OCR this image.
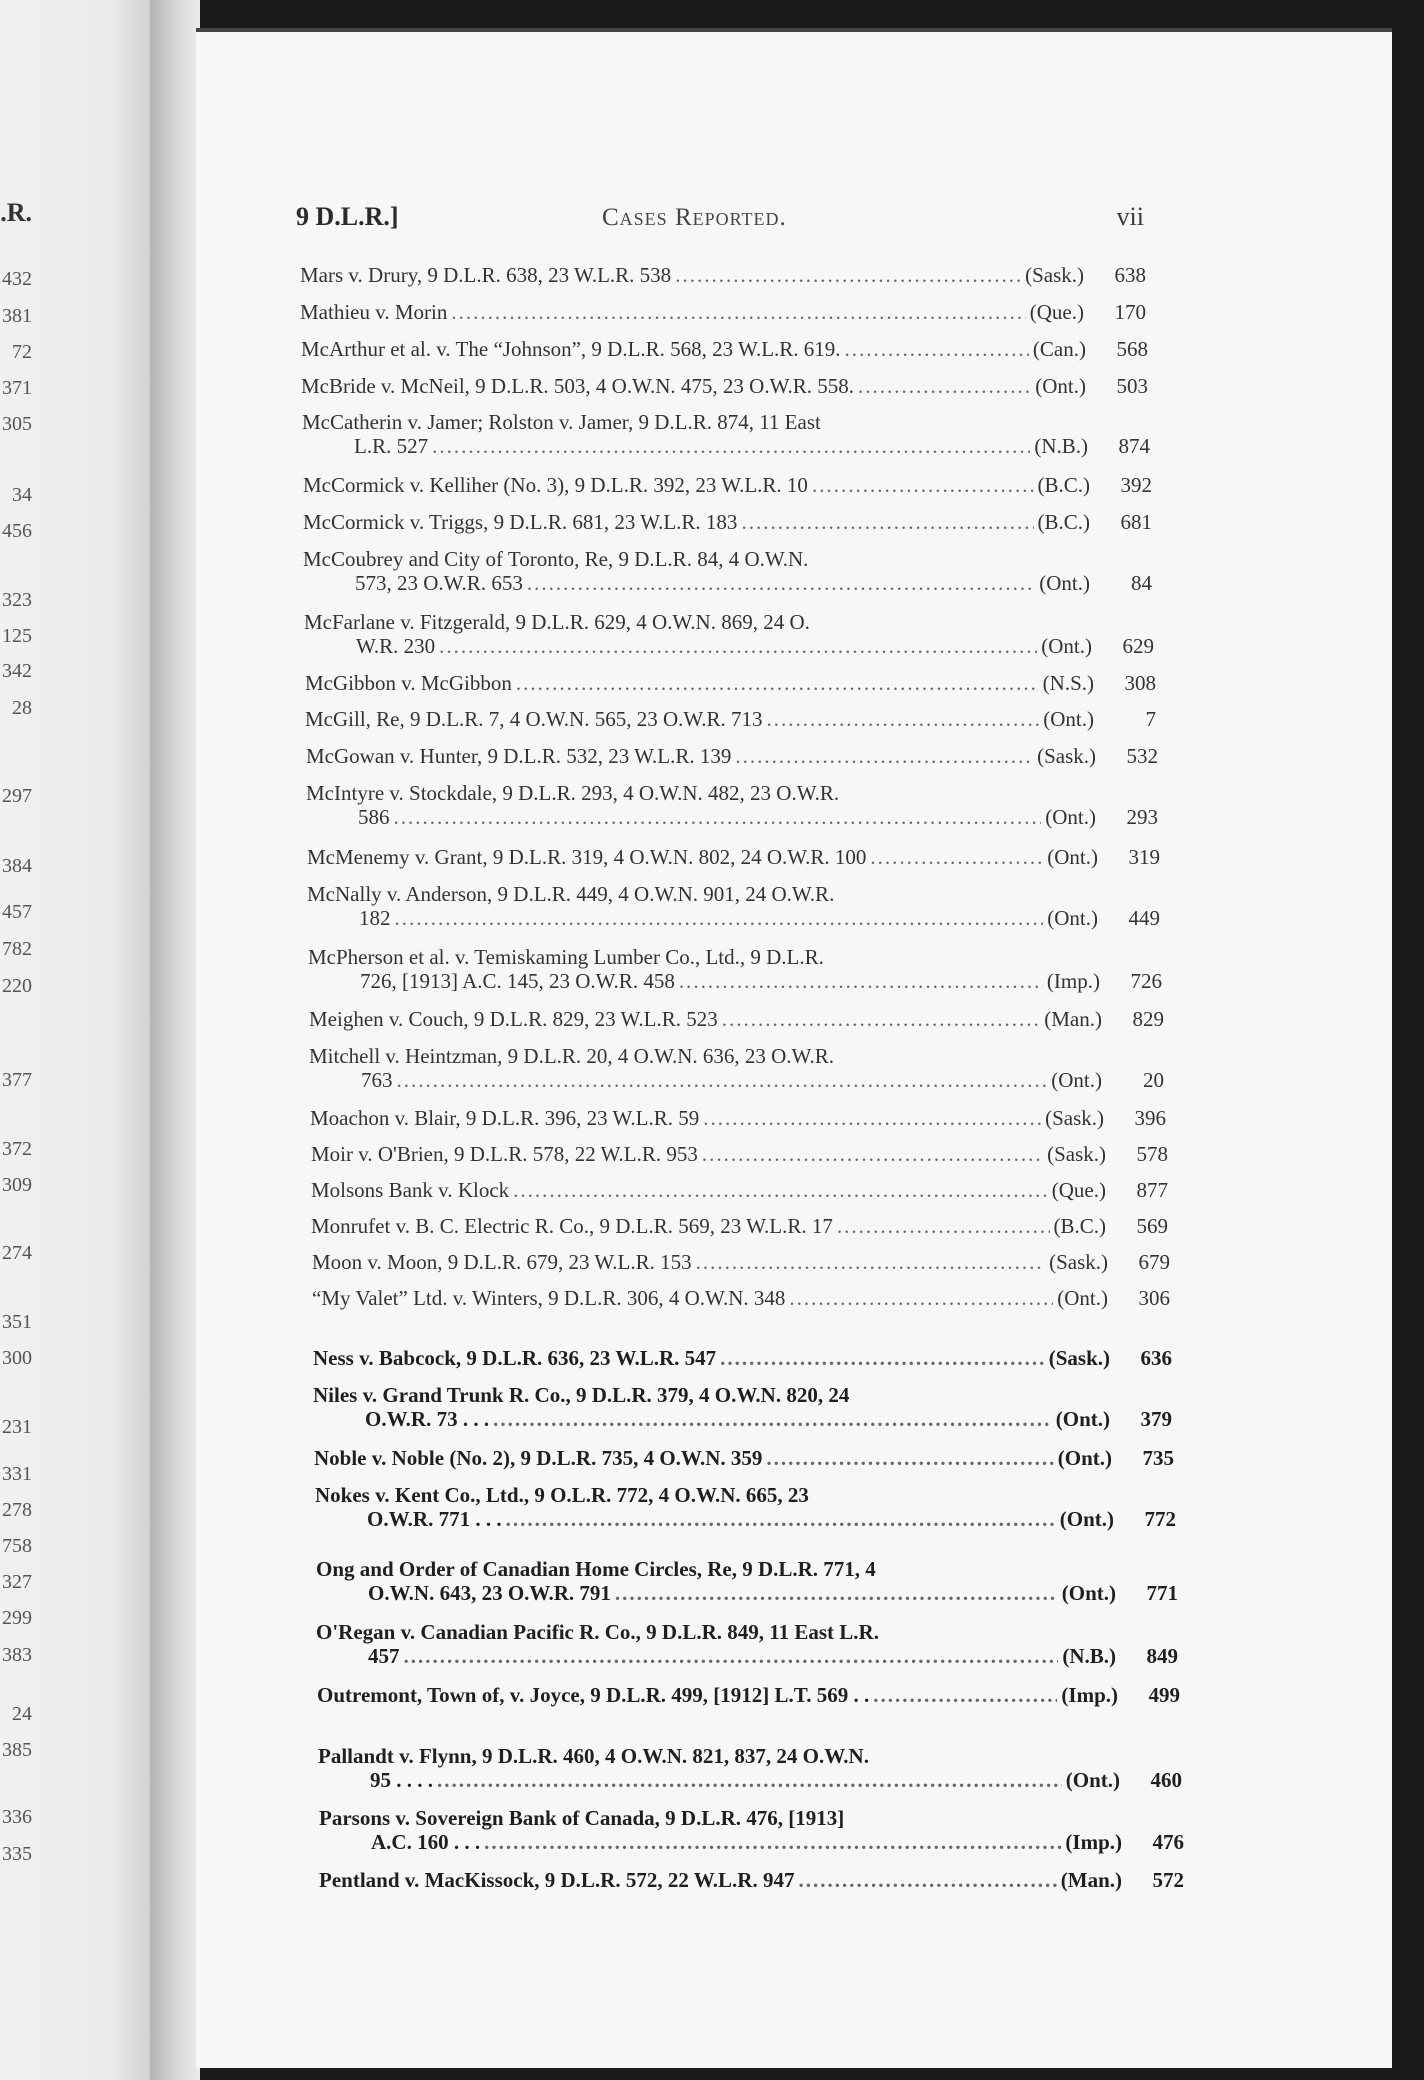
.R.
432
381
72
371
305
34
456
323
125
342
28
297
384
457
782
220
377
372
309
274
351
300
231
331
278
758
327
299
383
24
385
336
335
9 D.L.R.]	Cases Reported.	vii
Mars v. Drury, 9 D.L.R. 638, 23 W.L.R. 538 .....	(Sask.)	638
Mathieu v. Morin .....	(Que.)	170
McArthur et al. v. The “Johnson”, 9 D.L.R. 568, 23 W.L.R. 619. .....	(Can.)	568
McBride v. McNeil, 9 D.L.R. 503, 4 O.W.N. 475, 23 O.W.R. 558. .....	(Ont.)	503
McCatherin v. Jamer; Rolston v. Jamer, 9 D.L.R. 874, 11 East
L.R. 527 .....	(N.B.)	874
McCormick v. Kelliher (No. 3), 9 D.L.R. 392, 23 W.L.R. 10 .....	(B.C.)	392
McCormick v. Triggs, 9 D.L.R. 681, 23 W.L.R. 183 .....	(B.C.)	681
McCoubrey and City of Toronto, Re, 9 D.L.R. 84, 4 O.W.N.
573, 23 O.W.R. 653 .....	(Ont.)	84
McFarlane v. Fitzgerald, 9 D.L.R. 629, 4 O.W.N. 869, 24 O.
W.R. 230 .....	(Ont.)	629
McGibbon v. McGibbon .....	(N.S.)	308
McGill, Re, 9 D.L.R. 7, 4 O.W.N. 565, 23 O.W.R. 713 .....	(Ont.)	7
McGowan v. Hunter, 9 D.L.R. 532, 23 W.L.R. 139 .....	(Sask.)	532
McIntyre v. Stockdale, 9 D.L.R. 293, 4 O.W.N. 482, 23 O.W.R.
586 .....	(Ont.)	293
McMenemy v. Grant, 9 D.L.R. 319, 4 O.W.N. 802, 24 O.W.R. 100 .....	(Ont.)	319
McNally v. Anderson, 9 D.L.R. 449, 4 O.W.N. 901, 24 O.W.R.
182 .....	(Ont.)	449
McPherson et al. v. Temiskaming Lumber Co., Ltd., 9 D.L.R.
726, [1913] A.C. 145, 23 O.W.R. 458 .....	(Imp.)	726
Meighen v. Couch, 9 D.L.R. 829, 23 W.L.R. 523 .....	(Man.)	829
Mitchell v. Heintzman, 9 D.L.R. 20, 4 O.W.N. 636, 23 O.W.R.
763 .....	(Ont.)	20
Moachon v. Blair, 9 D.L.R. 396, 23 W.L.R. 59 .....	(Sask.)	396
Moir v. O'Brien, 9 D.L.R. 578, 22 W.L.R. 953 .....	(Sask.)	578
Molsons Bank v. Klock .....	(Que.)	877
Monrufet v. B. C. Electric R. Co., 9 D.L.R. 569, 23 W.L.R. 17 .....	(B.C.)	569
Moon v. Moon, 9 D.L.R. 679, 23 W.L.R. 153 .....	(Sask.)	679
“My Valet” Ltd. v. Winters, 9 D.L.R. 306, 4 O.W.N. 348 .....	(Ont.)	306
Ness v. Babcock, 9 D.L.R. 636, 23 W.L.R. 547 .....	(Sask.)	636
Niles v. Grand Trunk R. Co., 9 D.L.R. 379, 4 O.W.N. 820, 24
O.W.R. 73 . . . .....	(Ont.)	379
Noble v. Noble (No. 2), 9 D.L.R. 735, 4 O.W.N. 359 .....	(Ont.)	735
Nokes v. Kent Co., Ltd., 9 O.L.R. 772, 4 O.W.N. 665, 23
O.W.R. 771 . . . .....	(Ont.)	772
Ong and Order of Canadian Home Circles, Re, 9 D.L.R. 771, 4
O.W.N. 643, 23 O.W.R. 791 .....	(Ont.)	771
O'Regan v. Canadian Pacific R. Co., 9 D.L.R. 849, 11 East L.R.
457 .....	(N.B.)	849
Outremont, Town of, v. Joyce, 9 D.L.R. 499, [1912] L.T. 569 . . .....	(Imp.)	499
Pallandt v. Flynn, 9 D.L.R. 460, 4 O.W.N. 821, 837, 24 O.W.N.
95 . . . . .....	(Ont.)	460
Parsons v. Sovereign Bank of Canada, 9 D.L.R. 476, [1913]
A.C. 160 . . . .....	(Imp.)	476
Pentland v. MacKissock, 9 D.L.R. 572, 22 W.L.R. 947 .....	(Man.)	572
